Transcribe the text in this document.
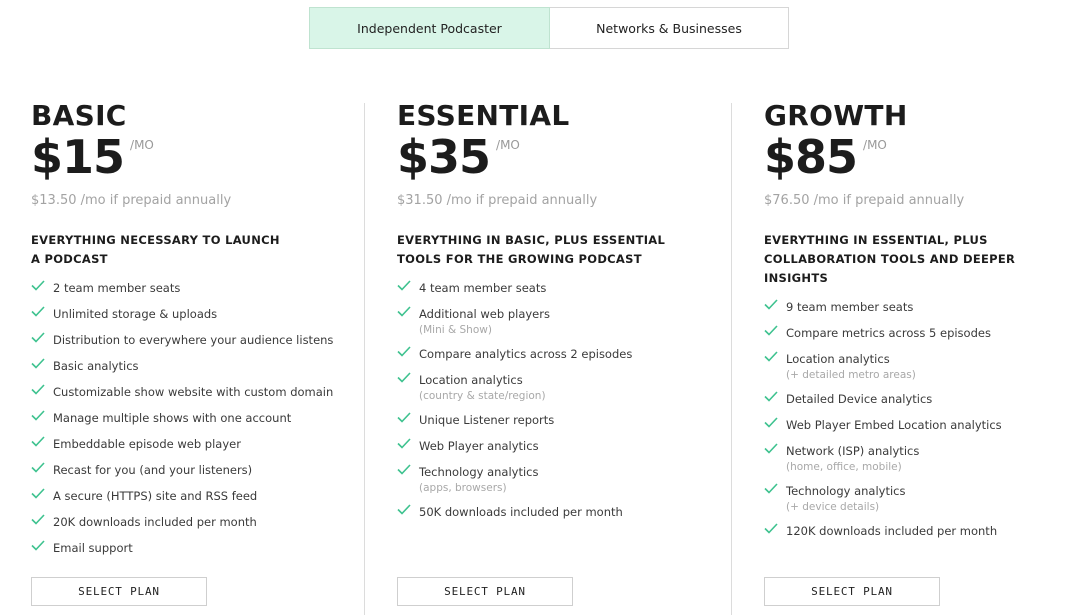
Independent Podcaster	Networks & Businesses
BASIC
$15 /MO
$13.50 /mo if prepaid annually
EVERYTHING NECESSARY TO LAUNCH A PODCAST
2 team member seats
Unlimited storage & uploads
Distribution to everywhere your audience listens
Basic analytics
Customizable show website with custom domain
Manage multiple shows with one account
Embeddable episode web player
Recast for you (and your listeners)
A secure (HTTPS) site and RSS feed
20K downloads included per month
Email support
SELECT PLAN
ESSENTIAL
$35 /MO
$31.50 /mo if prepaid annually
EVERYTHING IN BASIC, PLUS ESSENTIAL TOOLS FOR THE GROWING PODCAST
4 team member seats
Additional web players
(Mini & Show)
Compare analytics across 2 episodes
Location analytics
(country & state/region)
Unique Listener reports
Web Player analytics
Technology analytics
(apps, browsers)
50K downloads included per month
SELECT PLAN
GROWTH
$85 /MO
$76.50 /mo if prepaid annually
EVERYTHING IN ESSENTIAL, PLUS COLLABORATION TOOLS AND DEEPER INSIGHTS
9 team member seats
Compare metrics across 5 episodes
Location analytics
(+ detailed metro areas)
Detailed Device analytics
Web Player Embed Location analytics
Network (ISP) analytics
(home, office, mobile)
Technology analytics
(+ device details)
120K downloads included per month
SELECT PLAN
